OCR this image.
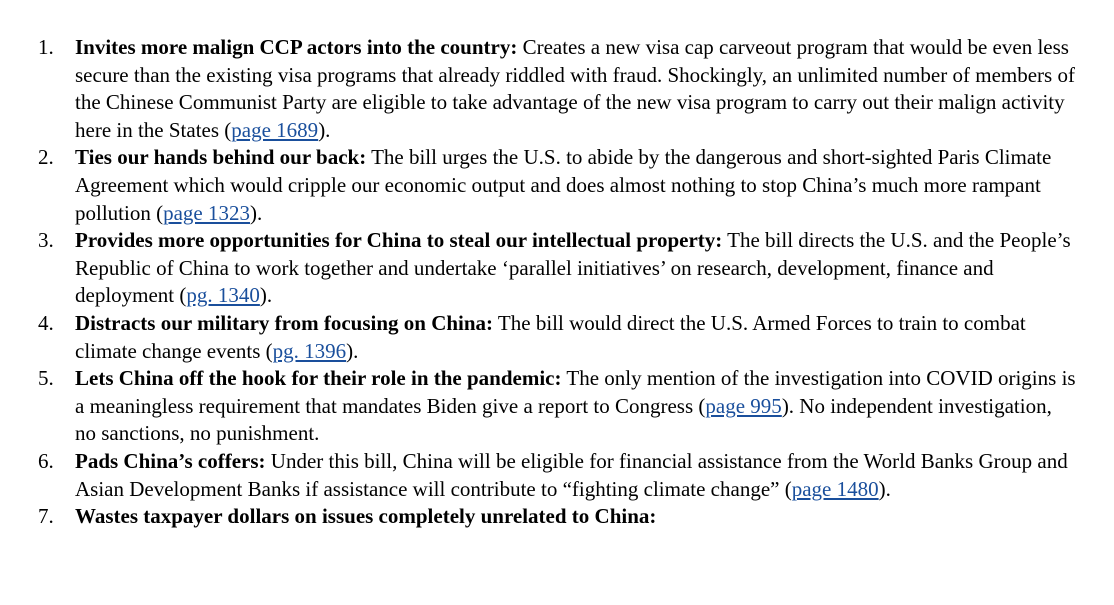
1.	Invites more malign CCP actors into the country: Creates a new visa cap carveout program that would be even less secure than the existing visa programs that already riddled with fraud. Shockingly, an unlimited number of members of the Chinese Communist Party are eligible to take advantage of the new visa program to carry out their malign activity here in the States (page 1689).
2.	Ties our hands behind our back: The bill urges the U.S. to abide by the dangerous and short-sighted Paris Climate Agreement which would cripple our economic output and does almost nothing to stop China’s much more rampant pollution (page 1323).
3.	Provides more opportunities for China to steal our intellectual property: The bill directs the U.S. and the People’s Republic of China to work together and undertake ‘parallel initiatives’ on research, development, finance and deployment (pg. 1340).
4.	Distracts our military from focusing on China: The bill would direct the U.S. Armed Forces to train to combat climate change events (pg. 1396).
5.	Lets China off the hook for their role in the pandemic: The only mention of the investigation into COVID origins is a meaningless requirement that mandates Biden give a report to Congress (page 995). No independent investigation, no sanctions, no punishment.
6.	Pads China’s coffers: Under this bill, China will be eligible for financial assistance from the World Banks Group and Asian Development Banks if assistance will contribute to “fighting climate change” (page 1480).
7.	Wastes taxpayer dollars on issues completely unrelated to China:
